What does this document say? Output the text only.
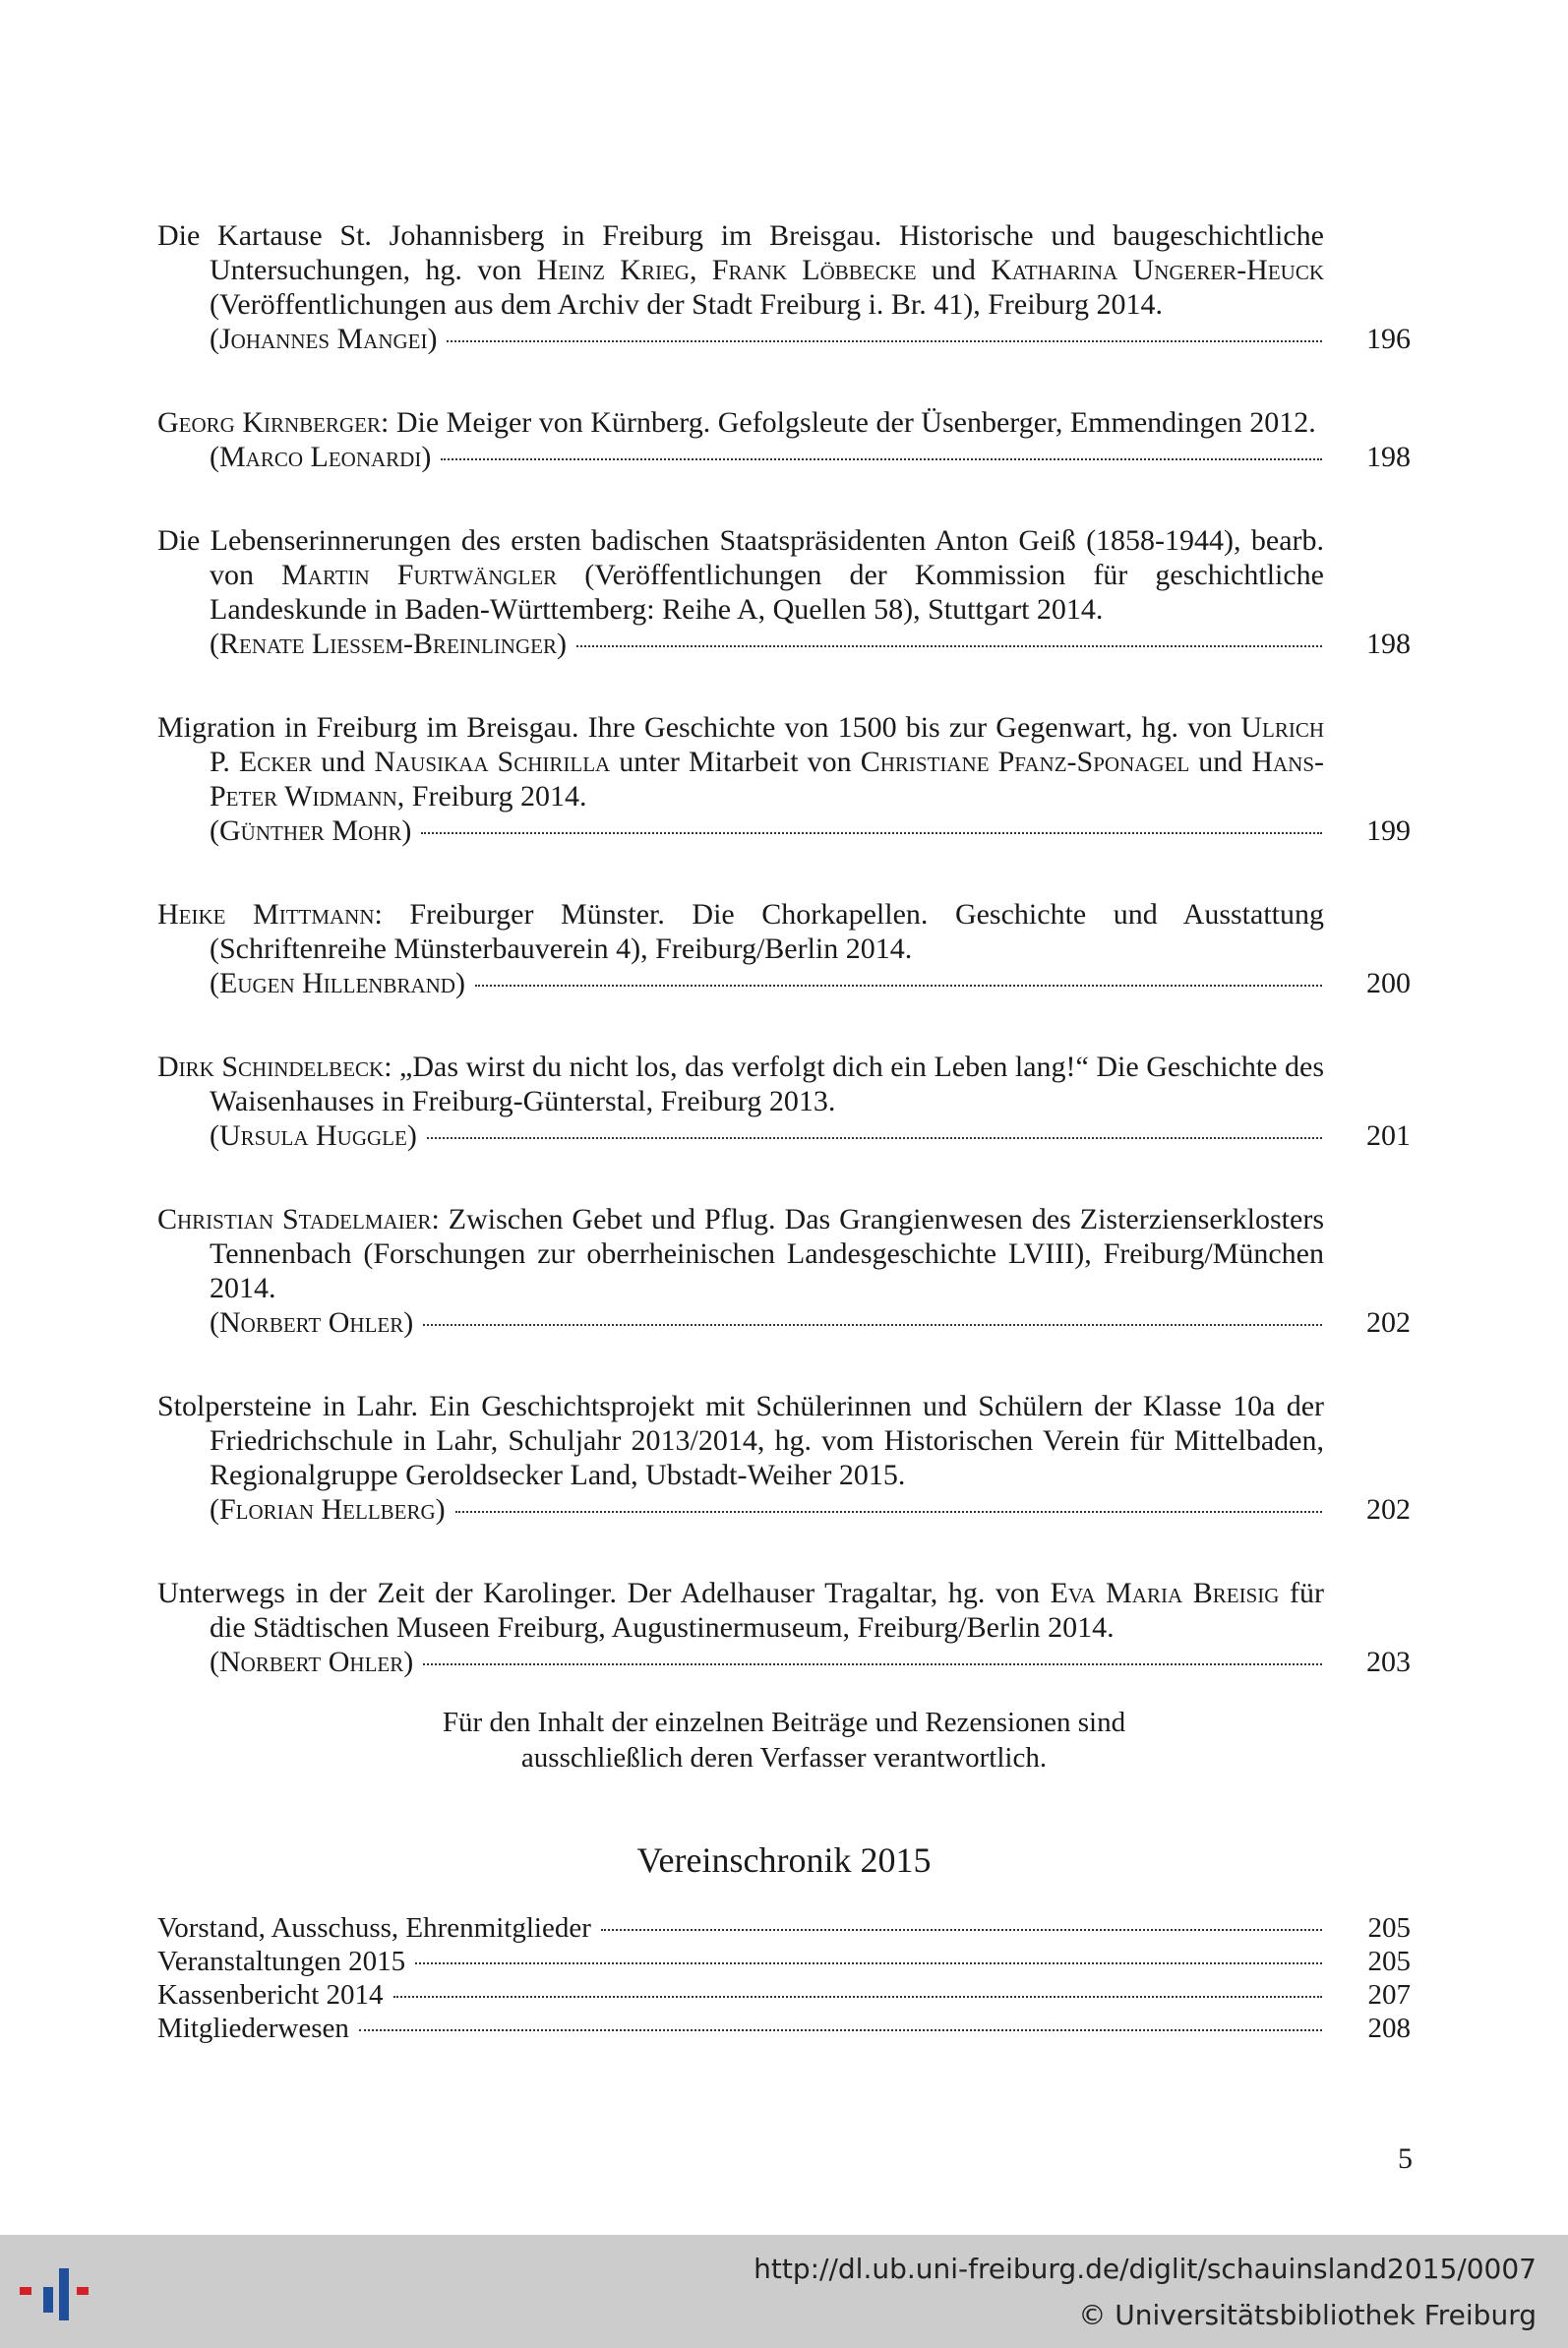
Die Kartause St. Johannisberg in Freiburg im Breisgau. Historische und baugeschichtliche Untersuchungen, hg. von Heinz Krieg, Frank Löbbecke und Katharina Ungerer-Heuck (Veröffentlichungen aus dem Archiv der Stadt Freiburg i. Br. 41), Freiburg 2014.
(Johannes Mangei)	196
Georg Kirnberger: Die Meiger von Kürnberg. Gefolgsleute der Üsenberger, Emmendingen 2012.
(Marco Leonardi)	198
Die Lebenserinnerungen des ersten badischen Staatspräsidenten Anton Geiß (1858-1944), bearb. von Martin Furtwängler (Veröffentlichungen der Kommission für geschichtliche Landeskunde in Baden-Württemberg: Reihe A, Quellen 58), Stuttgart 2014.
(Renate Liessem-Breinlinger)	198
Migration in Freiburg im Breisgau. Ihre Geschichte von 1500 bis zur Gegenwart, hg. von Ulrich P. Ecker und Nausikaa Schirilla unter Mitarbeit von Christiane Pfanz-Sponagel und Hans-Peter Widmann, Freiburg 2014.
(Günther Mohr)	199
Heike Mittmann: Freiburger Münster. Die Chorkapellen. Geschichte und Ausstattung (Schriftenreihe Münsterbauverein 4), Freiburg/Berlin 2014.
(Eugen Hillenbrand)	200
Dirk Schindelbeck: „Das wirst du nicht los, das verfolgt dich ein Leben lang!“ Die Geschichte des Waisenhauses in Freiburg-Günterstal, Freiburg 2013.
(Ursula Huggle)	201
Christian Stadelmaier: Zwischen Gebet und Pflug. Das Grangienwesen des Zisterzienserklosters Tennenbach (Forschungen zur oberrheinischen Landesgeschichte LVIII), Freiburg/München 2014.
(Norbert Ohler)	202
Stolpersteine in Lahr. Ein Geschichtsprojekt mit Schülerinnen und Schülern der Klasse 10a der Friedrichschule in Lahr, Schuljahr 2013/2014, hg. vom Historischen Verein für Mittelbaden, Regionalgruppe Geroldsecker Land, Ubstadt-Weiher 2015.
(Florian Hellberg)	202
Unterwegs in der Zeit der Karolinger. Der Adelhauser Tragaltar, hg. von Eva Maria Breisig für die Städtischen Museen Freiburg, Augustinermuseum, Freiburg/Berlin 2014.
(Norbert Ohler)	203
Für den Inhalt der einzelnen Beiträge und Rezensionen sind
ausschließlich deren Verfasser verantwortlich.
Vereinschronik 2015
Vorstand, Ausschuss, Ehrenmitglieder	205
Veranstaltungen 2015	205
Kassenbericht 2014	207
Mitgliederwesen	208
5
http://dl.ub.uni-freiburg.de/diglit/schauinsland2015/0007
© Universitätsbibliothek Freiburg
